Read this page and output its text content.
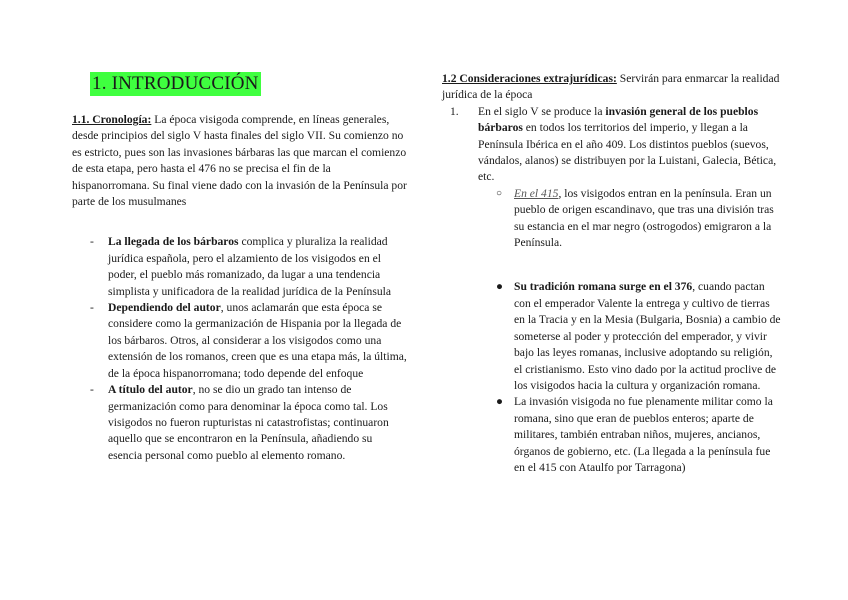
1. INTRODUCCIÓN

1.1. Cronología: La época visigoda comprende, en líneas generales, desde principios del siglo V hasta finales del siglo VII. Su comienzo no es estricto, pues son las invasiones bárbaras las que marcan el comienzo de esta etapa, pero hasta el 476 no se precisa el fin de la hispanorromana. Su final viene dado con la invasión de la Península por parte de los musulmanes

- La llegada de los bárbaros complica y pluraliza la realidad jurídica española, pero el alzamiento de los visigodos en el poder, el pueblo más romanizado, da lugar a una tendencia simplista y unificadora de la realidad jurídica de la Península
- Dependiendo del autor, unos aclamarán que esta época se considere como la germanización de Hispania por la llegada de los bárbaros. Otros, al considerar a los visigodos como una extensión de los romanos, creen que es una etapa más, la última, de la época hispanorromana; todo depende del enfoque
- A título del autor, no se dio un grado tan intenso de germanización como para denominar la época como tal. Los visigodos no fueron rupturistas ni catastrofistas; continuaron aquello que se encontraron en la Península, añadiendo su esencia personal como pueblo al elemento romano.

1.2 Consideraciones extrajurídicas: Servirán para enmarcar la realidad jurídica de la época

1. En el siglo V se produce la invasión general de los pueblos bárbaros en todos los territorios del imperio, y llegan a la Península Ibérica en el año 409. Los distintos pueblos (suevos, vándalos, alanos) se distribuyen por la Luistani, Galecia, Bética, etc.
○ En el 415, los visigodos entran en la península. Eran un pueblo de origen escandinavo, que tras una división tras su estancia en el mar negro (ostrogodos) emigraron a la Península.
● Su tradición romana surge en el 376, cuando pactan con el emperador Valente la entrega y cultivo de tierras en la Tracia y en la Mesia (Bulgaria, Bosnia) a cambio de someterse al poder y protección del emperador, y vivir bajo las leyes romanas, inclusive adoptando su religión, el cristianismo. Esto vino dado por la actitud proclive de los visigodos hacia la cultura y organización romana.
● La invasión visigoda no fue plenamente militar como la romana, sino que eran de pueblos enteros; aparte de militares, también entraban niños, mujeres, ancianos, órganos de gobierno, etc. (La llegada a la península fue en el 415 con Ataulfo por Tarragona)
